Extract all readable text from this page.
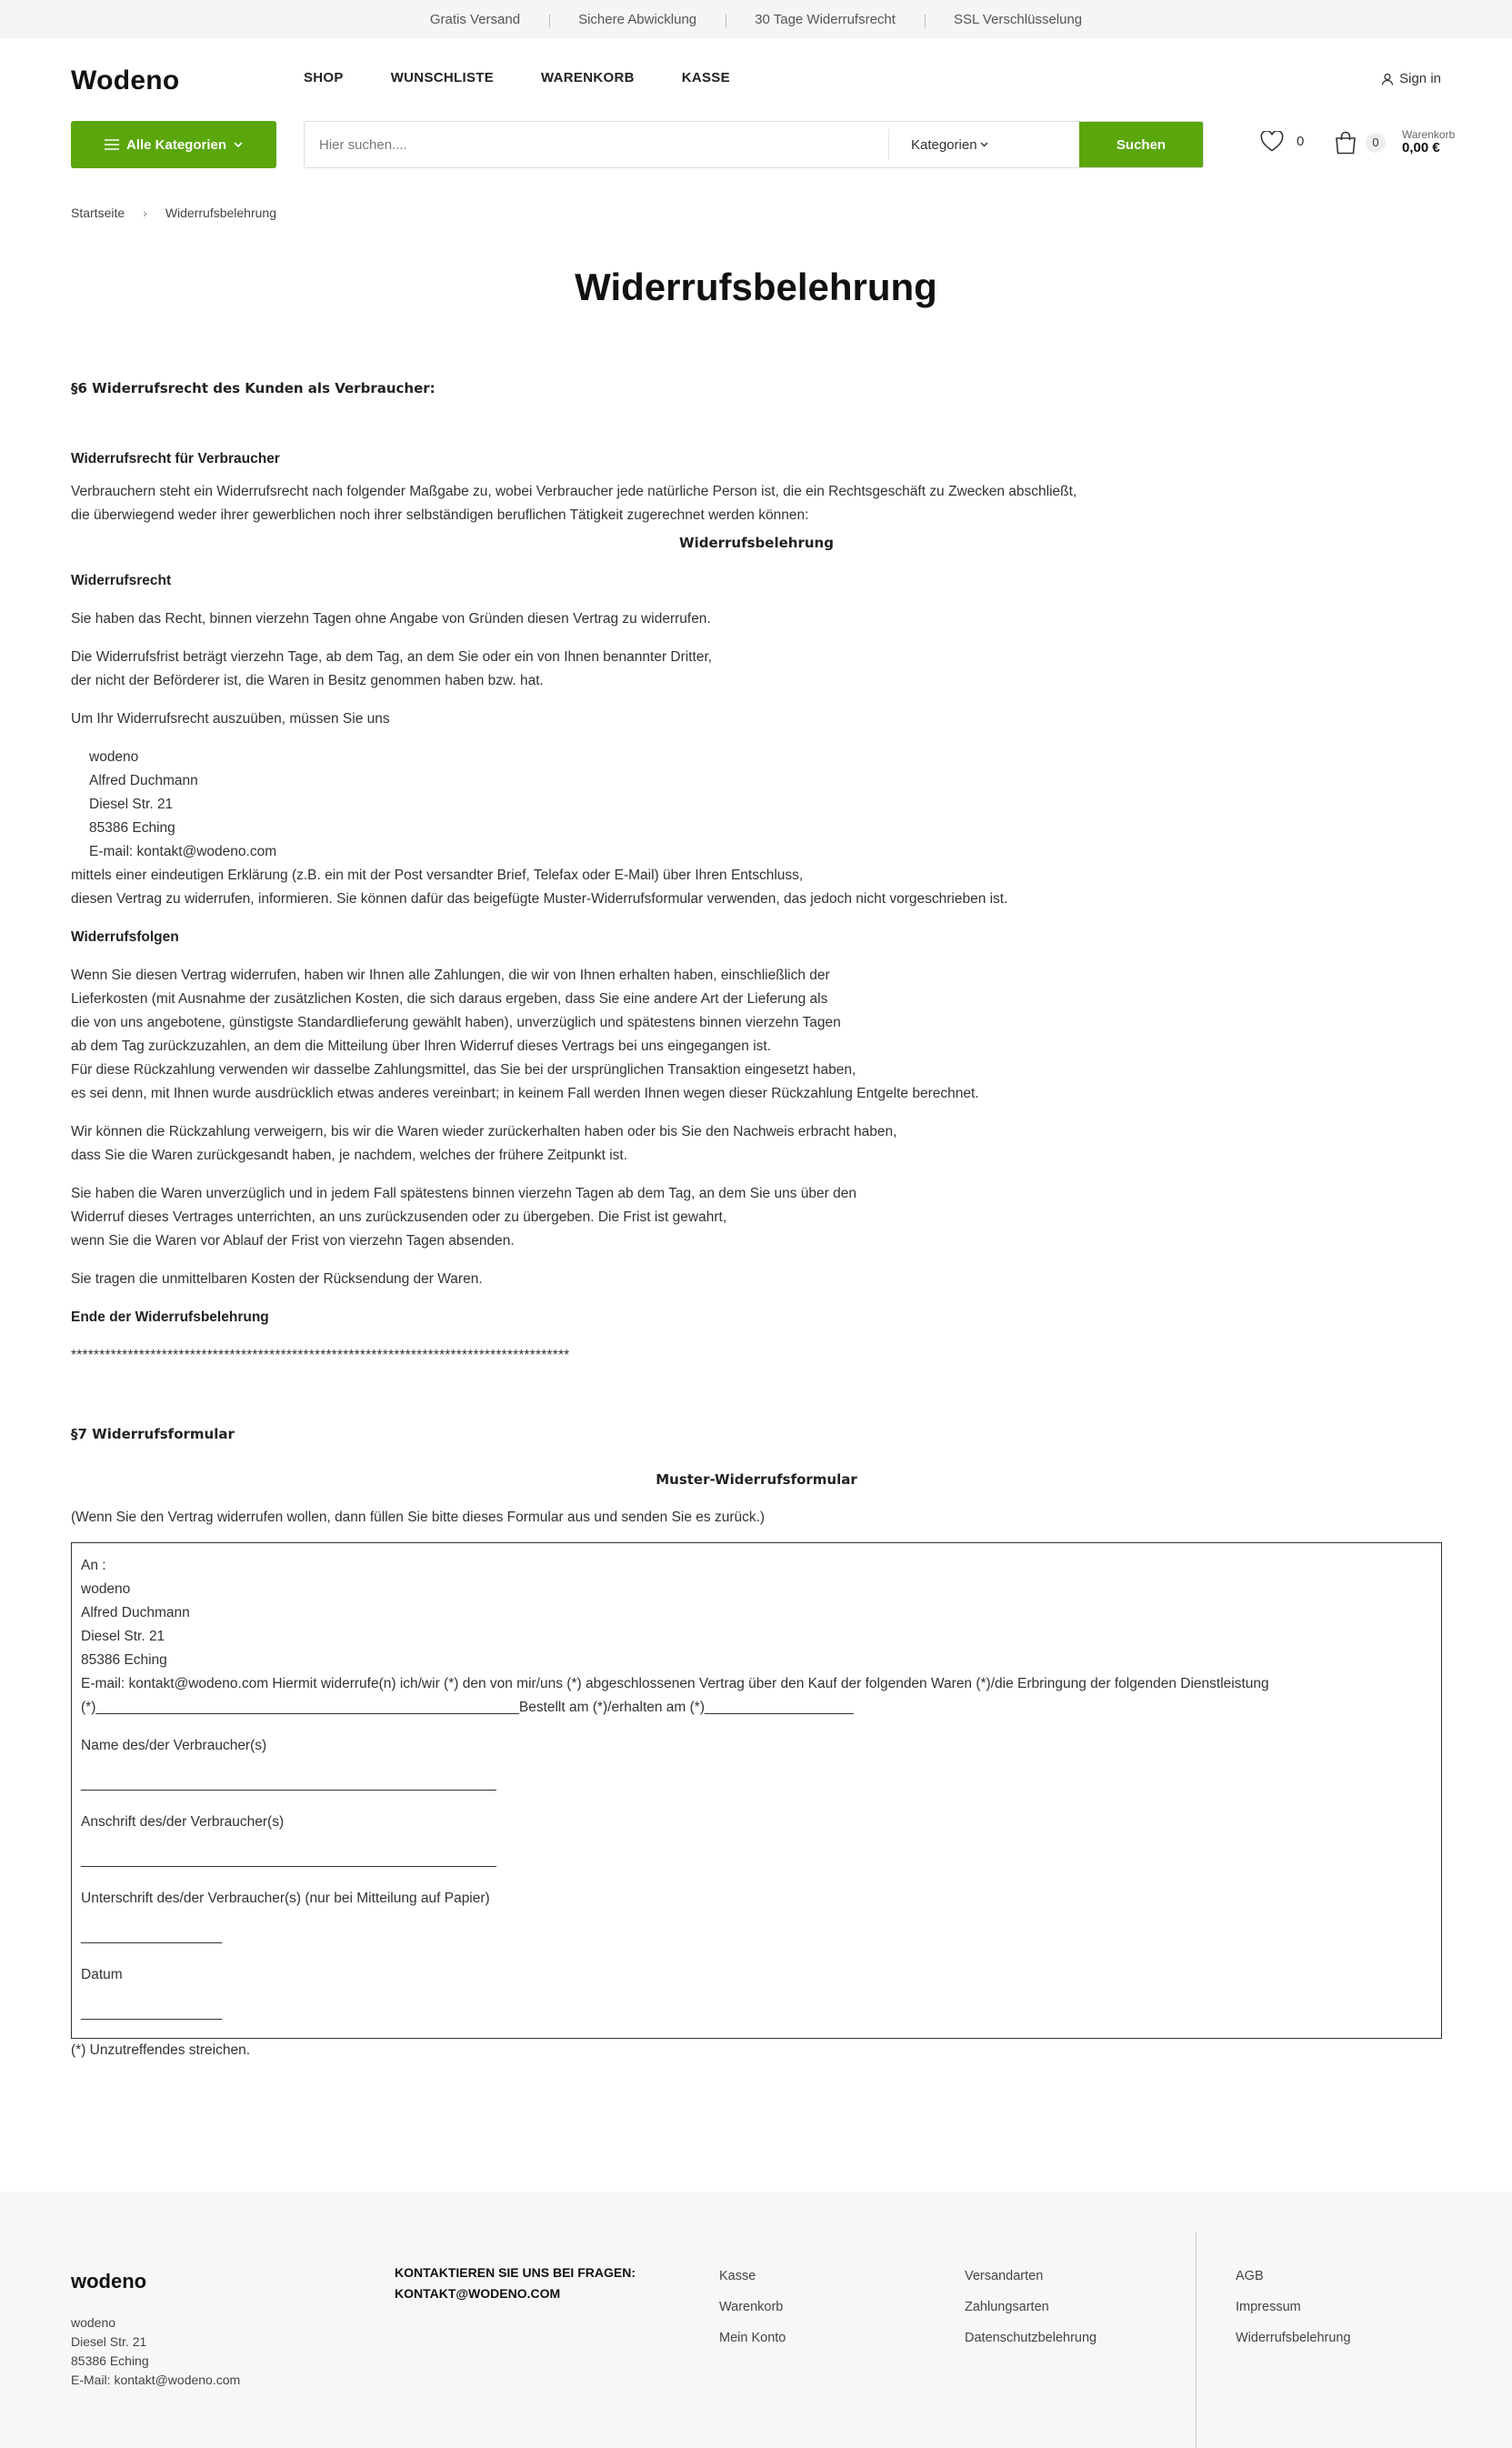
Gratis Versand	Sichere Abwicklung	30 Tage Widerrufsrecht	SSL Verschlüsselung
Wodeno	SHOP	WUNSCHLISTE	WARENKORB	KASSE	Sign in
Alle Kategorien
Hier suchen....	Kategorien	Suchen	0	0
Warenkorb
0,00 €
Startseite › Widerrufsbelehrung
Widerrufsbelehrung

§6 Widerrufsrecht des Kunden als Verbraucher:

Widerrufsrecht für Verbraucher

Verbrauchern steht ein Widerrufsrecht nach folgender Maßgabe zu, wobei Verbraucher jede natürliche Person ist, die ein Rechtsgeschäft zu Zwecken abschließt,

die überwiegend weder ihrer gewerblichen noch ihrer selbständigen beruflichen Tätigkeit zugerechnet werden können:

Widerrufsbelehrung

Widerrufsrecht

Sie haben das Recht, binnen vierzehn Tagen ohne Angabe von Gründen diesen Vertrag zu widerrufen.

Die Widerrufsfrist beträgt vierzehn Tage, ab dem Tag, an dem Sie oder ein von Ihnen benannter Dritter,

der nicht der Beförderer ist, die Waren in Besitz genommen haben bzw. hat.

Um Ihr Widerrufsrecht auszuüben, müssen Sie uns

wodeno
Alfred Duchmann
Diesel Str. 21
85386 Eching
E-mail: kontakt@wodeno.com

mittels einer eindeutigen Erklärung (z.B. ein mit der Post versandter Brief, Telefax oder E-Mail) über Ihren Entschluss,

diesen Vertrag zu widerrufen, informieren. Sie können dafür das beigefügte Muster-Widerrufsformular verwenden, das jedoch nicht vorgeschrieben ist.

Widerrufsfolgen

Wenn Sie diesen Vertrag widerrufen, haben wir Ihnen alle Zahlungen, die wir von Ihnen erhalten haben, einschließlich der

Lieferkosten (mit Ausnahme der zusätzlichen Kosten, die sich daraus ergeben, dass Sie eine andere Art der Lieferung als

die von uns angebotene, günstigste Standardlieferung gewählt haben), unverzüglich und spätestens binnen vierzehn Tagen

ab dem Tag zurückzuzahlen, an dem die Mitteilung über Ihren Widerruf dieses Vertrags bei uns eingegangen ist.

Für diese Rückzahlung verwenden wir dasselbe Zahlungsmittel, das Sie bei der ursprünglichen Transaktion eingesetzt haben,

es sei denn, mit Ihnen wurde ausdrücklich etwas anderes vereinbart; in keinem Fall werden Ihnen wegen dieser Rückzahlung Entgelte berechnet.

Wir können die Rückzahlung verweigern, bis wir die Waren wieder zurückerhalten haben oder bis Sie den Nachweis erbracht haben,

dass Sie die Waren zurückgesandt haben, je nachdem, welches der frühere Zeitpunkt ist.

Sie haben die Waren unverzüglich und in jedem Fall spätestens binnen vierzehn Tagen ab dem Tag, an dem Sie uns über den

Widerruf dieses Vertrages unterrichten, an uns zurückzusenden oder zu übergeben. Die Frist ist gewahrt,

wenn Sie die Waren vor Ablauf der Frist von vierzehn Tagen absenden.

Sie tragen die unmittelbaren Kosten der Rücksendung der Waren.

Ende der Widerrufsbelehrung

****************************************************************************************

§7 Widerrufsformular

Muster-Widerrufsformular

(Wenn Sie den Vertrag widerrufen wollen, dann füllen Sie bitte dieses Formular aus und senden Sie es zurück.)

An :
wodeno
Alfred Duchmann
Diesel Str. 21
85386 Eching
E-mail: kontakt@wodeno.com Hiermit widerrufe(n) ich/wir (*) den von mir/uns (*) abgeschlossenen Vertrag über den Kauf der folgenden Waren (*)/die Erbringung der folgenden Dienstleistung
(*)______________________________________________________Bestellt am (*)/erhalten am (*)___________________
Name des/der Verbraucher(s)
_____________________________________________________
Anschrift des/der Verbraucher(s)
_____________________________________________________
Unterschrift des/der Verbraucher(s) (nur bei Mitteilung auf Papier)
__________________
Datum
__________________

(*) Unzutreffendes streichen.

wodeno
wodeno
Diesel Str. 21
85386 Eching
E-Mail: kontakt@wodeno.com
KONTAKTIEREN SIE UNS BEI FRAGEN:
KONTAKT@WODENO.COM
Kasse
Warenkorb
Mein Konto
Versandarten
Zahlungsarten
Datenschutzbelehrung
AGB
Impressum
Widerrufsbelehrung
